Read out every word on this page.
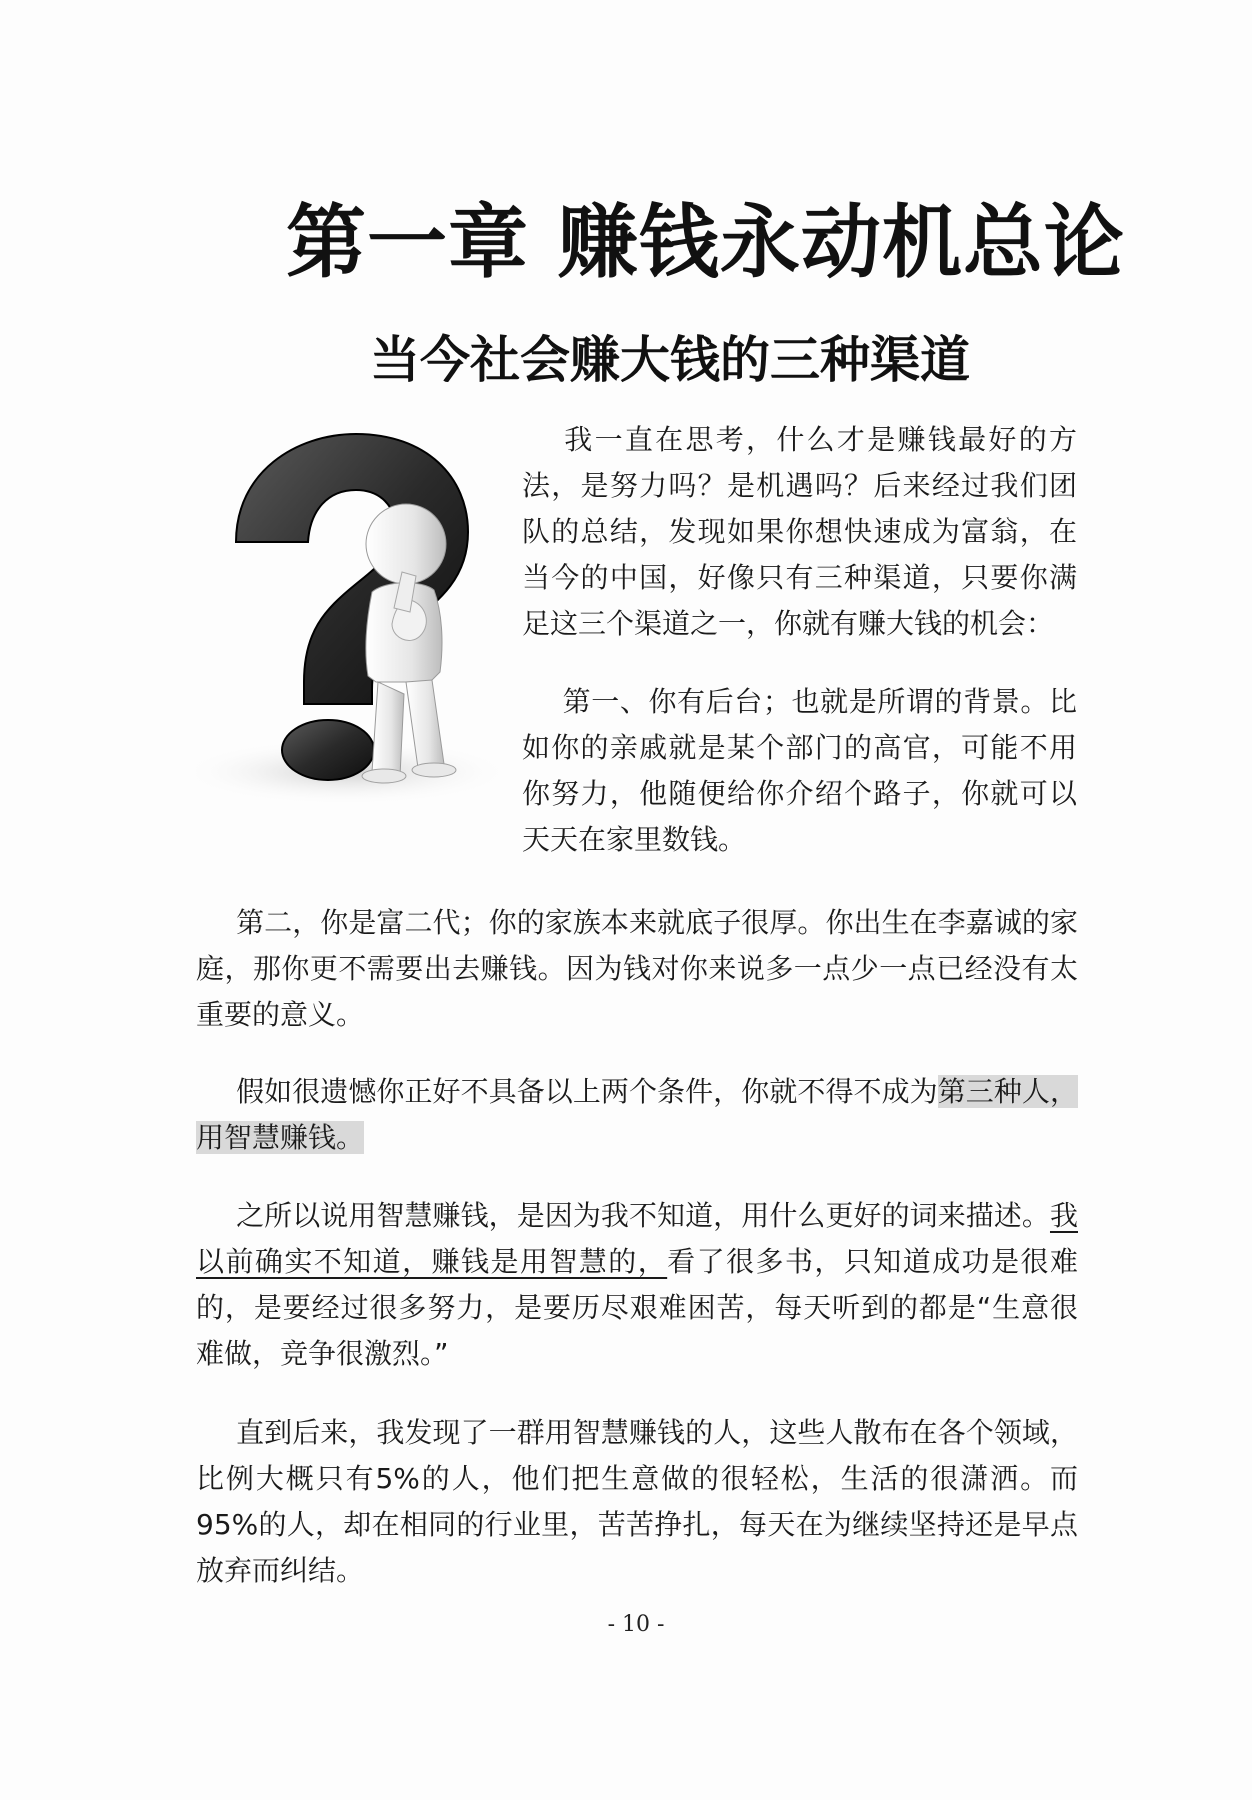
第一章 赚钱永动机总论
当今社会赚大钱的三种渠道

我一直在思考，什么才是赚钱最好的方法，是努力吗？是机遇吗？后来经过我们团队的总结，发现如果你想快速成为富翁，在当今的中国，好像只有三种渠道，只要你满足这三个渠道之一，你就有赚大钱的机会：

第一、你有后台；也就是所谓的背景。比如你的亲戚就是某个部门的高官，可能不用你努力，他随便给你介绍个路子，你就可以天天在家里数钱。

第二，你是富二代；你的家族本来就底子很厚。你出生在李嘉诚的家庭，那你更不需要出去赚钱。因为钱对你来说多一点少一点已经没有太重要的意义。

假如很遗憾你正好不具备以上两个条件，你就不得不成为第三种人，用智慧赚钱。

之所以说用智慧赚钱，是因为我不知道，用什么更好的词来描述。我以前确实不知道，赚钱是用智慧的，看了很多书，只知道成功是很难的，是要经过很多努力，是要历尽艰难困苦，每天听到的都是“生意很难做，竞争很激烈。”

直到后来，我发现了一群用智慧赚钱的人，这些人散布在各个领域，比例大概只有5%的人，他们把生意做的很轻松，生活的很潇洒。而 95%的人，却在相同的行业里，苦苦挣扎，每天在为继续坚持还是早点放弃而纠结。

- 10 -
